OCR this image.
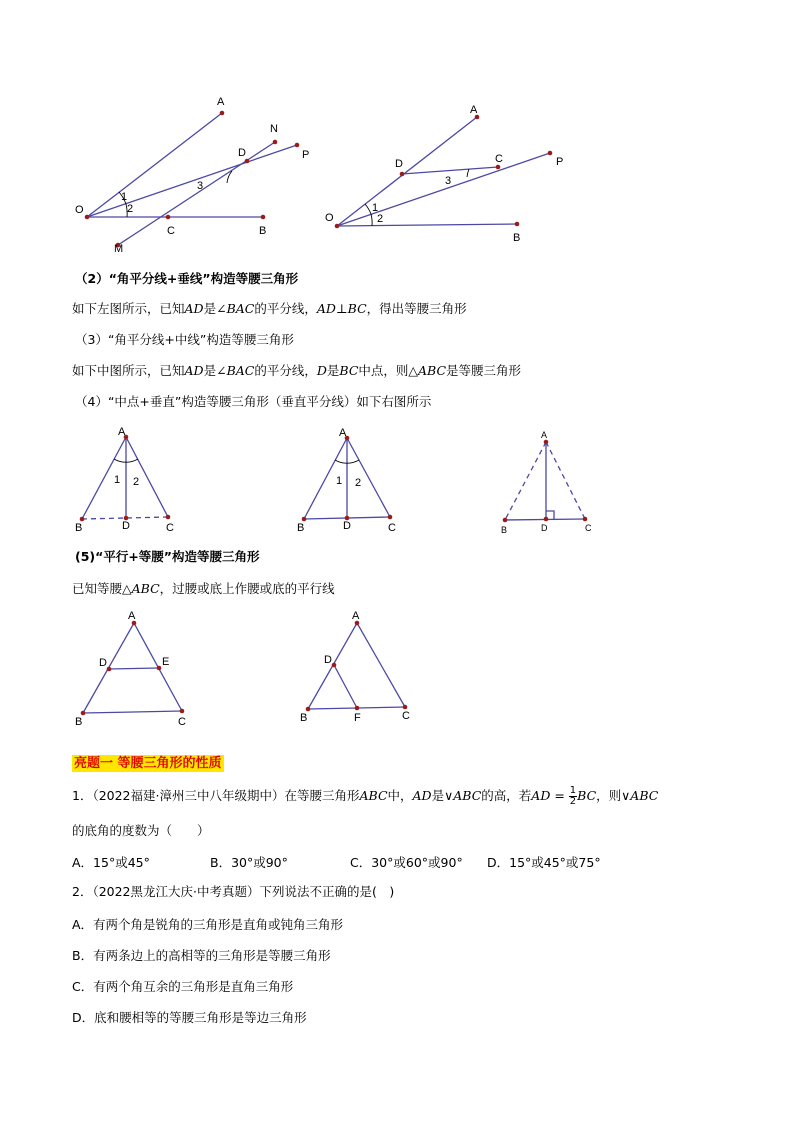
A
N
P
D
O
C	B
M
1
2
3
A
D	C	P
O
B
1
2
3
（2）“角平分线+垂线”构造等腰三角形
如下左图所示，已知AD是∠BAC的平分线，AD⊥BC，得出等腰三角形
（3）“角平分线+中线”构造等腰三角形
如下中图所示，已知AD是∠BAC的平分线，D是BC中点，则△ABC是等腰三角形
（4）“中点+垂直”构造等腰三角形（垂直平分线）如下右图所示
A
1 2
B	D	C
A
1 2
B	D	C
A
B	D	C
(5)“平行+等腰”构造等腰三角形
已知等腰△ABC，过腰或底上作腰或底的平行线
A
D	E
B	C
A
D
B	F	C
亮题一 等腰三角形的性质
1．（2022福建·漳州三中八年级期中）在等腰三角形ABC中，AD是∨ABC的高，若AD = $\frac{1}{2}$ BC，则∨ABC
的底角的度数为（　　）
A．15°或45°	B．30°或90°	C．30°或60°或90° D．15°或45°或75°
2．（2022黑龙江大庆·中考真题）下列说法不正确的是(　)
A．有两个角是锐角的三角形是直角或钝角三角形
B．有两条边上的高相等的三角形是等腰三角形
C．有两个角互余的三角形是直角三角形
D．底和腰相等的等腰三角形是等边三角形
